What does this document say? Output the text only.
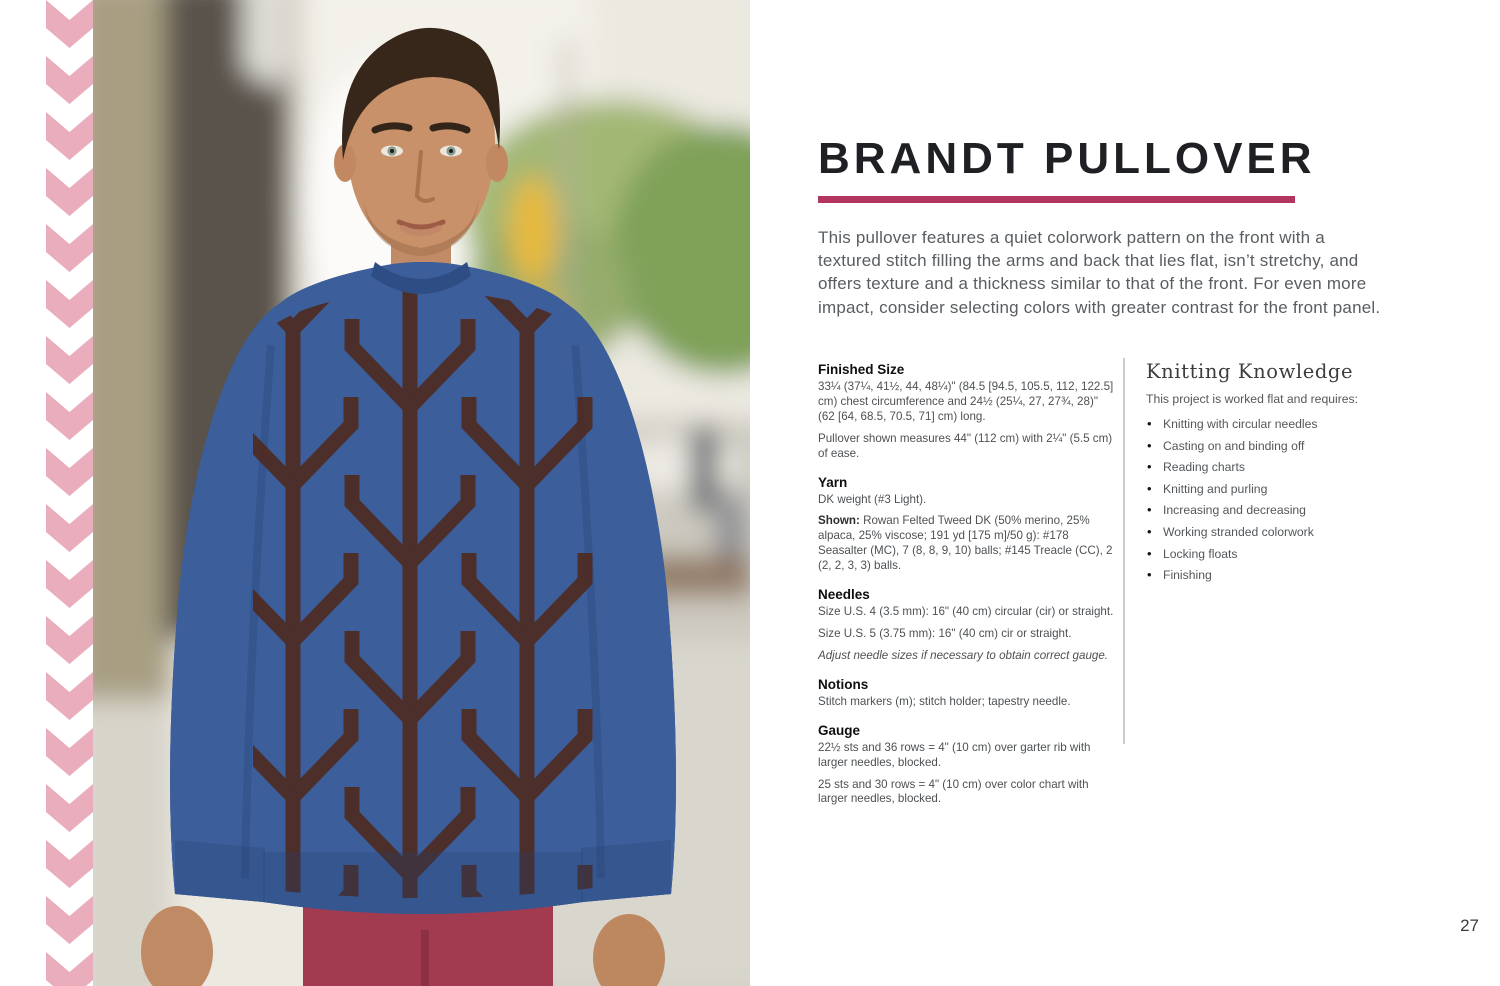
BRANDT PULLOVER
This pullover features a quiet colorwork pattern on the front with a
textured stitch filling the arms and back that lies flat, isn’t stretchy, and
offers texture and a thickness similar to that of the front. For even more
impact, consider selecting colors with greater contrast for the front panel.
Finished Size

33¼ (37¼, 41½, 44, 48¼)" (84.5 [94.5, 105.5, 112, 122.5] cm) chest circumference and 24½ (25¼, 27, 27¾, 28)" (62 [64, 68.5, 70.5, 71] cm) long.

Pullover shown measures 44" (112 cm) with 2¼" (5.5 cm) of ease.

Yarn

DK weight (#3 Light).

Shown: Rowan Felted Tweed DK (50% merino, 25% alpaca, 25% viscose; 191 yd [175 m]/50 g): #178 Seasalter (MC), 7 (8, 8, 9, 10) balls; #145 Treacle (CC), 2 (2, 2, 3, 3) balls.

Needles

Size U.S. 4 (3.5 mm): 16" (40 cm) circular (cir) or straight.

Size U.S. 5 (3.75 mm): 16" (40 cm) cir or straight.

Adjust needle sizes if necessary to obtain correct gauge.

Notions

Stitch markers (m); stitch holder; tapestry needle.

Gauge

22½ sts and 36 rows = 4" (10 cm) over garter rib with larger needles, blocked.

25 sts and 30 rows = 4" (10 cm) over color chart with larger needles, blocked.

Knitting Knowledge

This project is worked flat and requires:

• Knitting with circular needles
• Casting on and binding off
• Reading charts
• Knitting and purling
• Increasing and decreasing
• Working stranded colorwork
• Locking floats
• Finishing
27
